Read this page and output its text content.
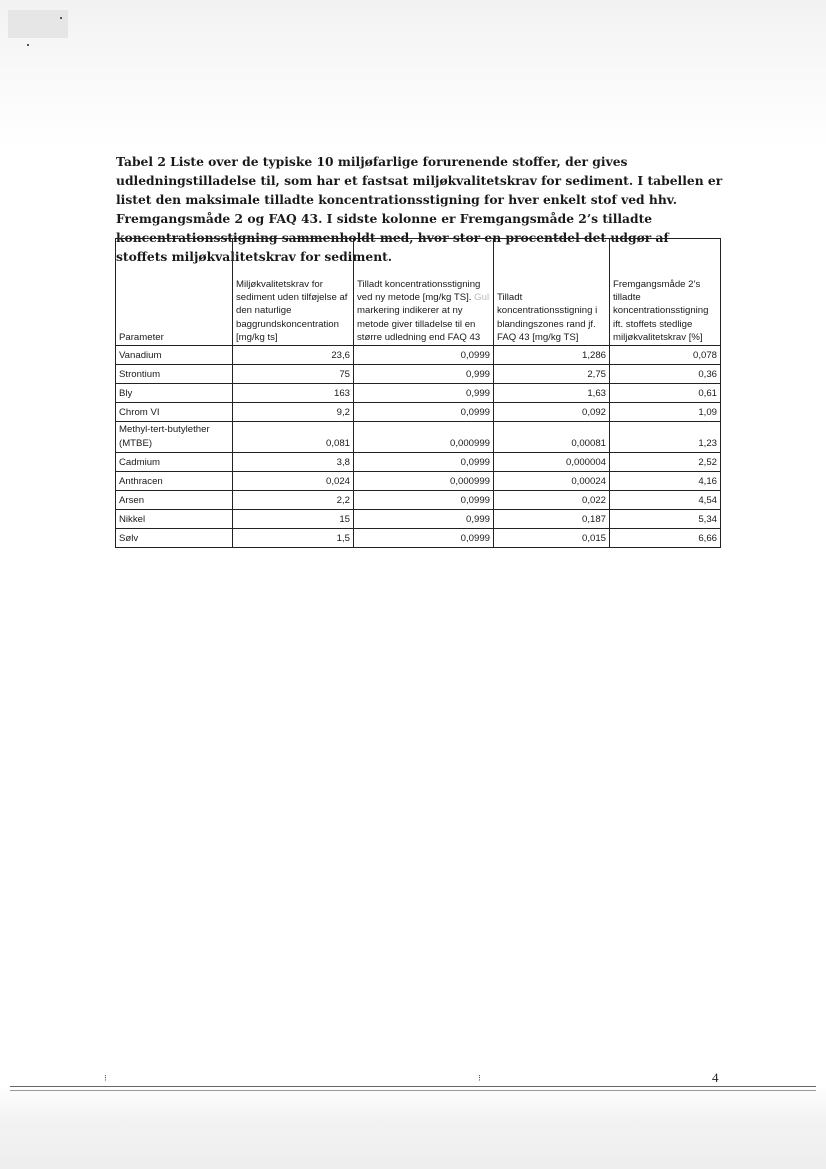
Tabel 2 Liste over de typiske 10 miljøfarlige forurenende stoffer, der gives udledningstilladelse til, som har et fastsat miljøkvalitetskrav for sediment. I tabellen er listet den maksimale tilladte koncentrationsstigning for hver enkelt stof ved hhv. Fremgangsmåde 2 og FAQ 43. I sidste kolonne er Fremgangsmåde 2’s tilladte koncentrationsstigning sammenholdt med, hvor stor en procentdel det udgør af stoffets miljøkvalitetskrav for sediment.

Parameter	Miljøkvalitetskrav for sediment uden tilføjelse af den naturlige baggrundskoncentration [mg/kg ts]	Tilladt koncentrationsstigning ved ny metode [mg/kg TS]. Gul markering indikerer at ny metode giver tilladelse til en større udledning end FAQ 43	Tilladt koncentrationsstigning i blandingszones rand jf. FAQ 43 [mg/kg TS]	Fremgangsmåde 2’s tilladte koncentrationsstigning ift. stoffets stedlige miljøkvalitetskrav [%]
Vanadium	23,6	0,0999	1,286	0,078
Strontium	75	0,999	2,75	0,36
Bly	163	0,999	1,63	0,61
Chrom VI	9,2	0,0999	0,092	1,09
Methyl-tert-butylether (MTBE)	0,081	0,000999	0,00081	1,23
Cadmium	3,8	0,0999	0,000004	2,52
Anthracen	0,024	0,000999	0,00024	4,16
Arsen	2,2	0,0999	0,022	4,54
Nikkel	15	0,999	0,187	5,34
Sølv	1,5	0,0999	0,015	6,66
4
⁝	⁝
